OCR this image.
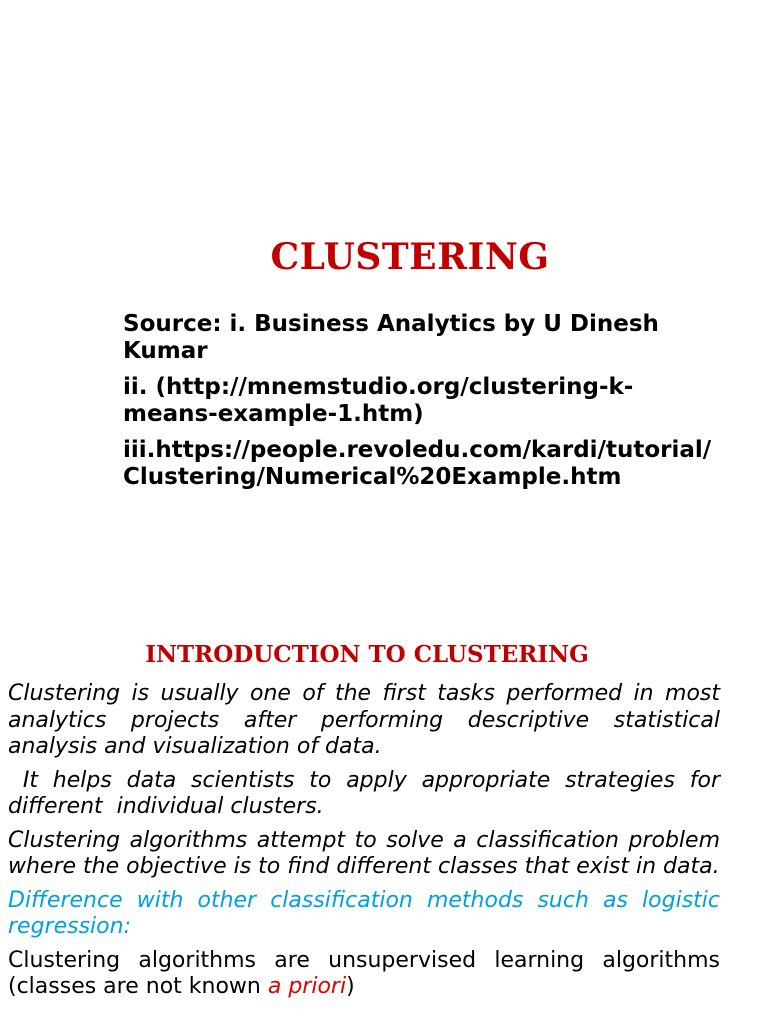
CLUSTERING

Source: i. Business Analytics by U Dinesh Kumar

ii. (http://mnemstudio.org/clustering-k-means-example-1.htm)

iii.https://people.revoledu.com/kardi/tutorial/Clustering/Numerical%20Example.htm

INTRODUCTION TO CLUSTERING

Clustering is usually one of the first tasks performed in most analytics projects after performing descriptive statistical analysis and visualization of data.

It helps data scientists to apply appropriate strategies for different  individual clusters.

Clustering algorithms attempt to solve a classification problem where the objective is to find different classes that exist in data.

Difference with other classification methods such as logistic regression:

Clustering algorithms are unsupervised learning algorithms (classes are not known a priori)
